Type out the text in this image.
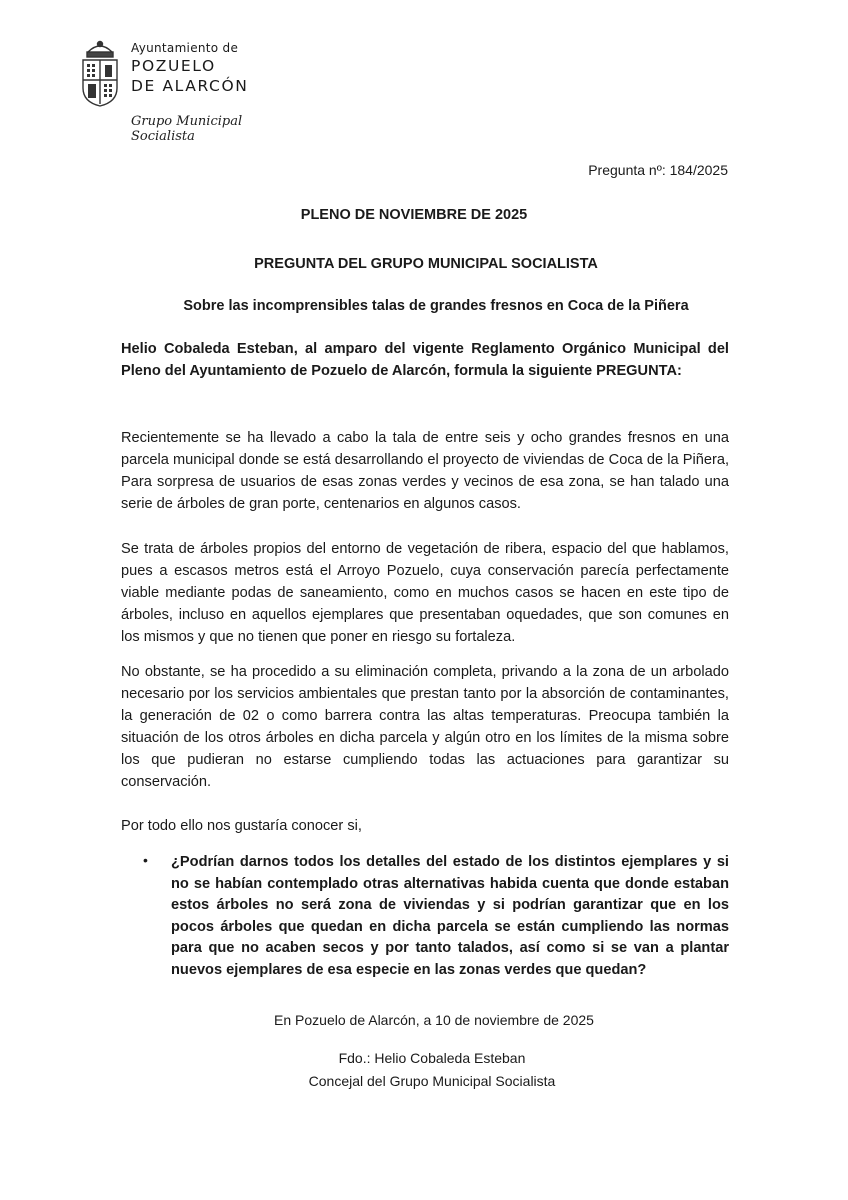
Ayuntamiento de
POZUELO
DE ALARCÓN
Grupo Municipal
Socialista
Pregunta nº: 184/2025
PLENO DE NOVIEMBRE DE 2025
PREGUNTA DEL GRUPO MUNICIPAL SOCIALISTA
Sobre las incomprensibles talas de grandes fresnos en Coca de la Piñera
Helio Cobaleda Esteban, al amparo del vigente Reglamento Orgánico Municipal del Pleno del Ayuntamiento de Pozuelo de Alarcón, formula la siguiente PREGUNTA:
Recientemente se ha llevado a cabo la tala de entre seis y ocho grandes fresnos en una parcela municipal donde se está desarrollando el proyecto de viviendas de Coca de la Piñera, Para sorpresa de usuarios de esas zonas verdes y vecinos de esa zona, se han talado una serie de árboles de gran porte, centenarios en algunos casos.
Se trata de árboles propios del entorno de vegetación de ribera, espacio del que hablamos, pues a escasos metros está el Arroyo Pozuelo, cuya conservación parecía perfectamente viable mediante podas de saneamiento, como en muchos casos se hacen en este tipo de árboles, incluso en aquellos ejemplares que presentaban oquedades, que son comunes en los mismos y que no tienen que poner en riesgo su fortaleza.
No obstante, se ha procedido a su eliminación completa, privando a la zona de un arbolado necesario por los servicios ambientales que prestan tanto por la absorción de contaminantes, la generación de 02 o como barrera contra las altas temperaturas. Preocupa también la situación de los otros árboles en dicha parcela y algún otro en los límites de la misma sobre los que pudieran no estarse cumpliendo todas las actuaciones para garantizar su conservación.
Por todo ello nos gustaría conocer si,
• ¿Podrían darnos todos los detalles del estado de los distintos ejemplares y si no se habían contemplado otras alternativas habida cuenta que donde estaban estos árboles no será zona de viviendas y si podrían garantizar que en los pocos árboles que quedan en dicha parcela se están cumpliendo las normas para que no acaben secos y por tanto talados, así como si se van a plantar nuevos ejemplares de esa especie en las zonas verdes que quedan?
En Pozuelo de Alarcón, a 10 de noviembre de 2025
Fdo.: Helio Cobaleda Esteban
Concejal del Grupo Municipal Socialista
